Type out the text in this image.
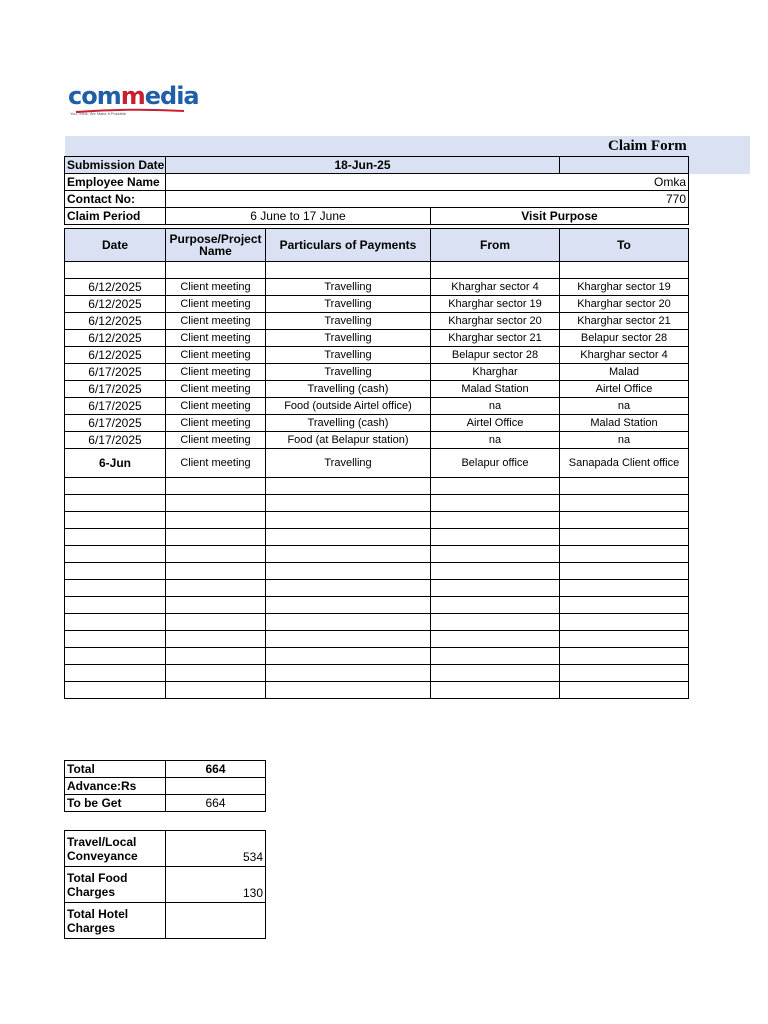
commedia
You Think, We Make it Possible
Claim Form
Submission Date	18-Jun-25		
Employee Name	Omka		
Contact No:	770		
Claim Period	6 June to 17 June	Visit Purpose	
Date	Purpose/Project Name	Particulars of Payments	From	To

6/12/2025	Client meeting	Travelling	Kharghar sector 4	Kharghar sector 19
6/12/2025	Client meeting	Travelling	Kharghar sector 19	Kharghar sector 20
6/12/2025	Client meeting	Travelling	Kharghar sector 20	Kharghar sector 21
6/12/2025	Client meeting	Travelling	Kharghar sector 21	Belapur sector 28
6/12/2025	Client meeting	Travelling	Belapur sector 28	Kharghar sector 4
6/17/2025	Client meeting	Travelling	Kharghar	Malad
6/17/2025	Client meeting	Travelling (cash)	Malad Station	Airtel Office
6/17/2025	Client meeting	Food (outside Airtel office)	na	na
6/17/2025	Client meeting	Travelling (cash)	Airtel Office	Malad Station
6/17/2025	Client meeting	Food (at Belapur station)	na	na
6-Jun	Client meeting	Travelling	Belapur office	Sanapada Client office

Total	664
Advance:Rs	
To be Get	664
Travel/Local Conveyance	534
Total Food Charges	130
Total Hotel Charges	
